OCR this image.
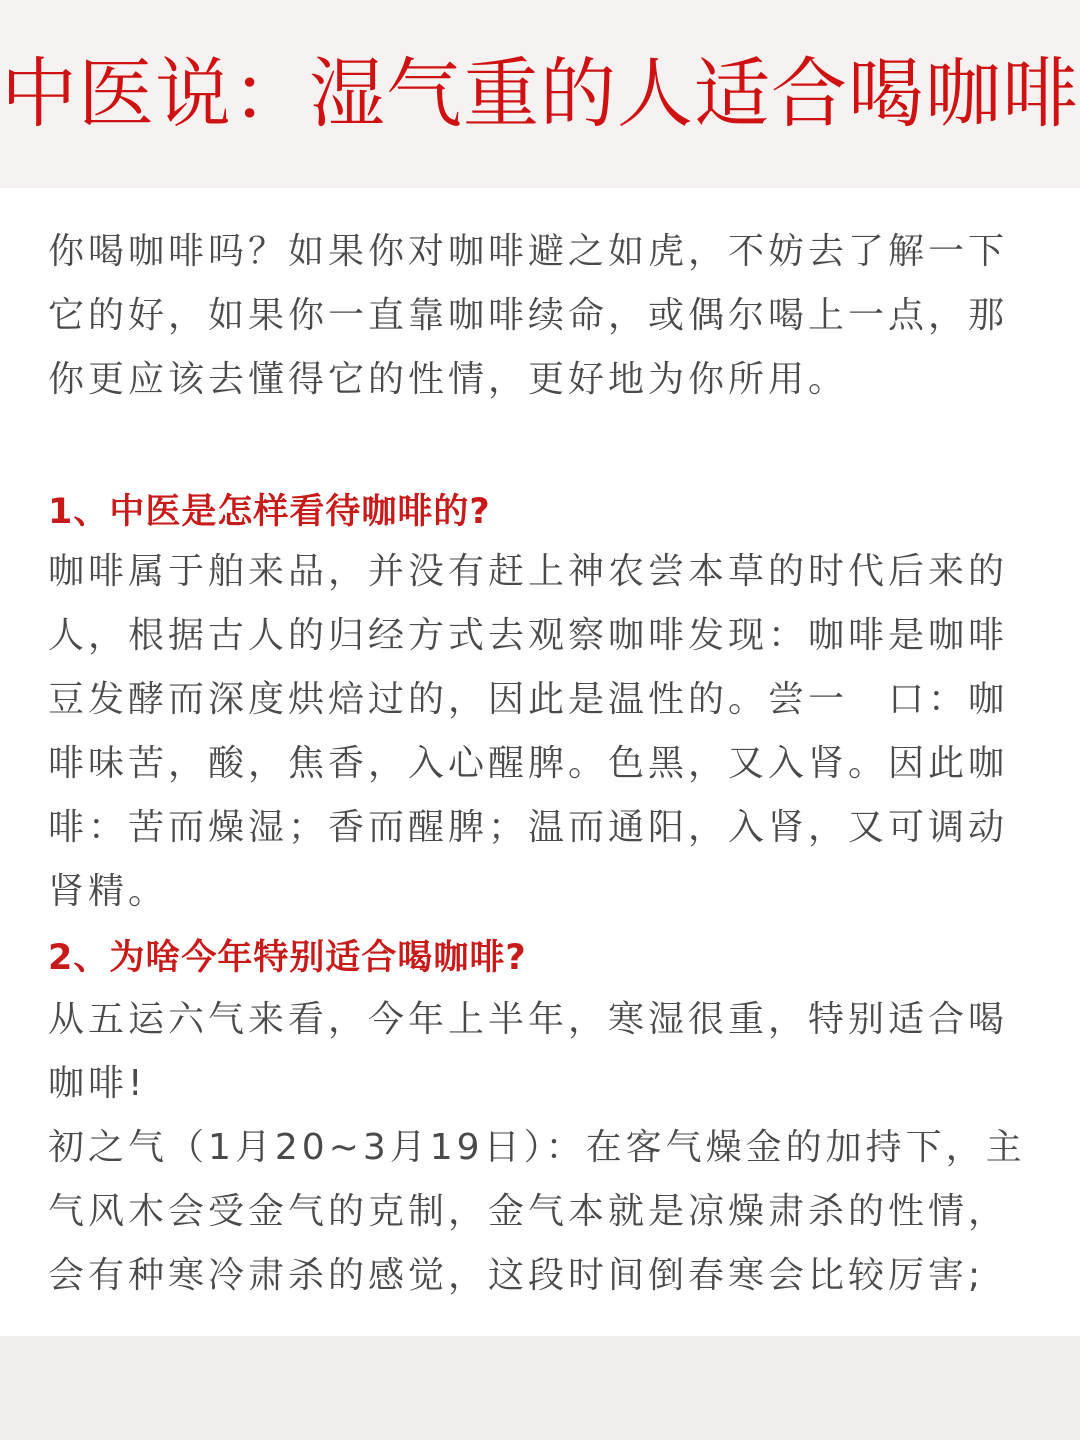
中医说：湿气重的人适合喝咖啡

你喝咖啡吗？如果你对咖啡避之如虎，不妨去了解一下它的好，如果你一直靠咖啡续命，或偶尔喝上一点，那你更应该去懂得它的性情，更好地为你所用。

1、中医是怎样看待咖啡的?

咖啡属于舶来品，并没有赶上神农尝本草的时代后来的人，根据古人的归经方式去观察咖啡发现：咖啡是咖啡豆发酵而深度烘焙过的，因此是温性的。尝一　口：咖啡味苦，酸，焦香，入心醒脾。色黑，又入肾。因此咖啡：苦而燥湿；香而醒脾；温而通阳，入肾，又可调动肾精。

2、为啥今年特别适合喝咖啡?

从五运六气来看，今年上半年，寒湿很重，特别适合喝咖啡!

初之气（1月20~3月19日）：在客气燥金的加持下，主气风木会受金气的克制，金气本就是凉燥肃杀的性情，会有种寒冷肃杀的感觉，这段时间倒春寒会比较厉害;
